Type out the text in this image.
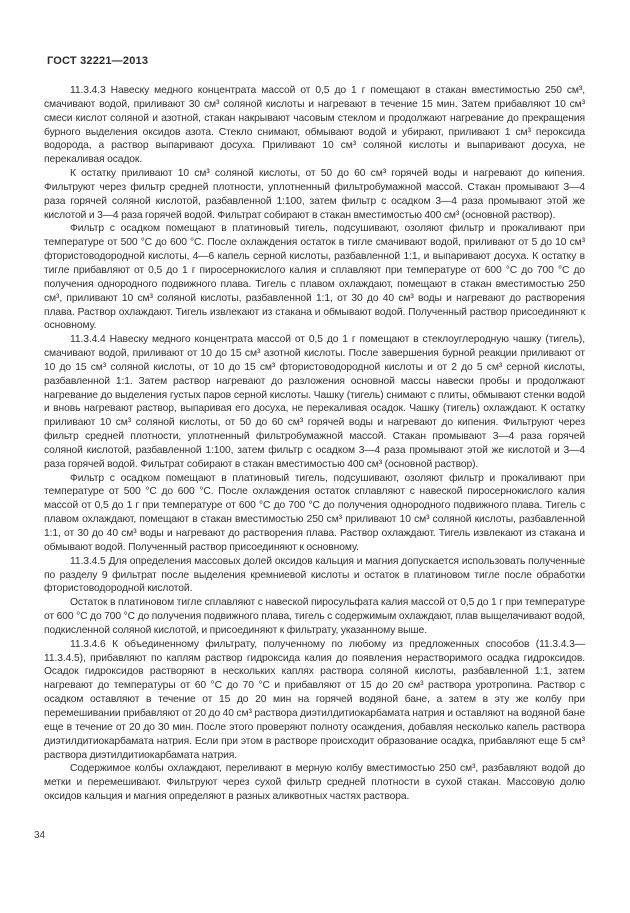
ГОСТ 32221—2013

11.3.4.3 Навеску медного концентрата массой от 0,5 до 1 г помещают в стакан вместимостью 250 см³, смачивают водой, приливают 30 см³ соляной кислоты и нагревают в течение 15 мин. Затем прибавляют 10 см³ смеси кислот соляной и азотной, стакан накрывают часовым стеклом и продолжают нагревание до прекращения бурного выделения оксидов азота. Стекло снимают, обмывают водой и убирают, приливают 1 см³ пероксида водорода, а раствор выпаривают досуха. Приливают 10 см³ соляной кислоты и выпаривают досуха, не перекаливая осадок.

К остатку приливают 10 см³ соляной кислоты, от 50 до 60 см³ горячей воды и нагревают до кипения. Фильтруют через фильтр средней плотности, уплотненный фильтробумажной массой. Стакан промывают 3—4 раза горячей соляной кислотой, разбавленной 1:100, затем фильтр с осадком 3—4 раза промывают этой же кислотой и 3—4 раза горячей водой. Фильтрат собирают в стакан вместимостью 400 см³ (основной раствор).

Фильтр с осадком помещают в платиновый тигель, подсушивают, озоляют фильтр и прокаливают при температуре от 500 °С до 600 °С. После охлаждения остаток в тигле смачивают водой, приливают от 5 до 10 см³ фтористоводородной кислоты, 4—6 капель серной кислоты, разбавленной 1:1, и выпаривают досуха. К остатку в тигле прибавляют от 0,5 до 1 г пиросернокислого калия и сплавляют при температуре от 600 °С до 700 °С до получения однородного подвижного плава. Тигель с плавом охлаждают, помещают в стакан вместимостью 250 см³, приливают 10 см³ соляной кислоты, разбавленной 1:1, от 30 до 40 см³ воды и нагревают до растворения плава. Раствор охлаждают. Тигель извлекают из стакана и обмывают водой. Полученный раствор присоединяют к основному.

11.3.4.4 Навеску медного концентрата массой от 0,5 до 1 г помещают в стеклоуглеродную чашку (тигель), смачивают водой, приливают от 10 до 15 см³ азотной кислоты. После завершения бурной реакции приливают от 10 до 15 см³ соляной кислоты, от 10 до 15 см³ фтористоводородной кислоты и от 2 до 5 см³ серной кислоты, разбавленной 1:1. Затем раствор нагревают до разложения основной массы навески пробы и продолжают нагревание до выделения густых паров серной кислоты. Чашку (тигель) снимают с плиты, обмывают стенки водой и вновь нагревают раствор, выпаривая его досуха, не перекаливая осадок. Чашку (тигель) охлаждают. К остатку приливают 10 см³ соляной кислоты, от 50 до 60 см³ горячей воды и нагревают до кипения. Фильтруют через фильтр средней плотности, уплотненный фильтробумажной массой. Стакан промывают 3—4 раза горячей соляной кислотой, разбавленной 1:100, затем фильтр с осадком 3—4 раза промывают этой же кислотой и 3—4 раза горячей водой. Фильтрат собирают в стакан вместимостью 400 см³ (основной раствор).

Фильтр с осадком помещают в платиновый тигель, подсушивают, озоляют фильтр и прокаливают при температуре от 500 °С до 600 °С. После охлаждения остаток сплавляют с навеской пиросернокислого калия массой от 0,5 до 1 г при температуре от 600 °С до 700 °С до получения однородного подвижного плава. Тигель с плавом охлаждают, помещают в стакан вместимостью 250 см³ приливают 10 см³ соляной кислоты, разбавленной 1:1, от 30 до 40 см³ воды и нагревают до растворения плава. Раствор охлаждают. Тигель извлекают из стакана и обмывают водой. Полученный раствор присоединяют к основному.

11.3.4.5 Для определения массовых долей оксидов кальция и магния допускается использовать полученные по разделу 9 фильтрат после выделения кремниевой кислоты и остаток в платиновом тигле после обработки фтористоводородной кислотой.

Остаток в платиновом тигле сплавляют с навеской пиросульфата калия массой от 0,5 до 1 г при температуре от 600 °С до 700 °С до получения подвижного плава, тигель с содержимым охлаждают, плав выщелачивают водой, подкисленной соляной кислотой, и присоединяют к фильтрату, указанному выше.

11.3.4.6 К объединенному фильтрату, полученному по любому из предложенных способов (11.3.4.3—11.3.4.5), прибавляют по каплям раствор гидроксида калия до появления нерастворимого осадка гидроксидов. Осадок гидроксидов растворяют в нескольких каплях раствора соляной кислоты, разбавленной 1:1, затем нагревают до температуры от 60 °С до 70 °С и прибавляют от 15 до 20 см³ раствора уротропина. Раствор с осадком оставляют в течение от 15 до 20 мин на горячей водяной бане, а затем в эту же колбу при перемешивании прибавляют от 20 до 40 см³ раствора диэтилдитиокарбамата натрия и оставляют на водяной бане еще в течение от 20 до 30 мин. После этого проверяют полноту осаждения, добавляя несколько капель раствора диэтилдитиокарбамата натрия. Если при этом в растворе происходит образование осадка, прибавляют еще 5 см³ раствора диэтилдитиокарбамата натрия.

Содержимое колбы охлаждают, переливают в мерную колбу вместимостью 250 см³, разбавляют водой до метки и перемешивают. Фильтруют через сухой фильтр средней плотности в сухой стакан. Массовую долю оксидов кальция и магния определяют в разных аликвотных частях раствора.

34
